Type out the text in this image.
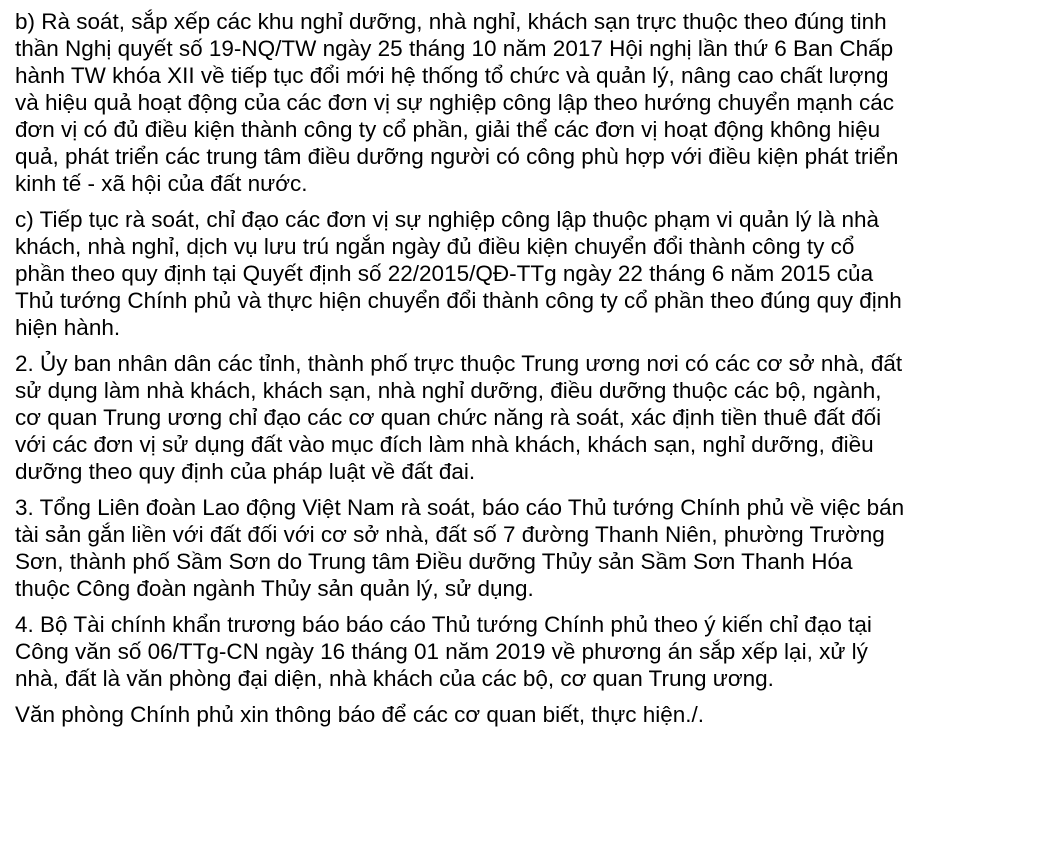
b) Rà soát, sắp xếp các khu nghỉ dưỡng, nhà nghỉ, khách sạn trực thuộc theo đúng tinh
thần Nghị quyết số 19-NQ/TW ngày 25 tháng 10 năm 2017 Hội nghị lần thứ 6 Ban Chấp
hành TW khóa XII về tiếp tục đổi mới hệ thống tổ chức và quản lý, nâng cao chất lượng
và hiệu quả hoạt động của các đơn vị sự nghiệp công lập theo hướng chuyển mạnh các
đơn vị có đủ điều kiện thành công ty cổ phần, giải thể các đơn vị hoạt động không hiệu
quả, phát triển các trung tâm điều dưỡng người có công phù hợp với điều kiện phát triển
kinh tế - xã hội của đất nước.
c) Tiếp tục rà soát, chỉ đạo các đơn vị sự nghiệp công lập thuộc phạm vi quản lý là nhà
khách, nhà nghỉ, dịch vụ lưu trú ngắn ngày đủ điều kiện chuyển đổi thành công ty cổ
phần theo quy định tại Quyết định số 22/2015/QĐ-TTg ngày 22 tháng 6 năm 2015 của
Thủ tướng Chính phủ và thực hiện chuyển đổi thành công ty cổ phần theo đúng quy định
hiện hành.
2. Ủy ban nhân dân các tỉnh, thành phố trực thuộc Trung ương nơi có các cơ sở nhà, đất
sử dụng làm nhà khách, khách sạn, nhà nghỉ dưỡng, điều dưỡng thuộc các bộ, ngành,
cơ quan Trung ương chỉ đạo các cơ quan chức năng rà soát, xác định tiền thuê đất đối
với các đơn vị sử dụng đất vào mục đích làm nhà khách, khách sạn, nghỉ dưỡng, điều
dưỡng theo quy định của pháp luật về đất đai.
3. Tổng Liên đoàn Lao động Việt Nam rà soát, báo cáo Thủ tướng Chính phủ về việc bán
tài sản gắn liền với đất đối với cơ sở nhà, đất số 7 đường Thanh Niên, phường Trường
Sơn, thành phố Sầm Sơn do Trung tâm Điều dưỡng Thủy sản Sầm Sơn Thanh Hóa
thuộc Công đoàn ngành Thủy sản quản lý, sử dụng.
4. Bộ Tài chính khẩn trương báo báo cáo Thủ tướng Chính phủ theo ý kiến chỉ đạo tại
Công văn số 06/TTg-CN ngày 16 tháng 01 năm 2019 về phương án sắp xếp lại, xử lý
nhà, đất là văn phòng đại diện, nhà khách của các bộ, cơ quan Trung ương.
Văn phòng Chính phủ xin thông báo để các cơ quan biết, thực hiện./.
